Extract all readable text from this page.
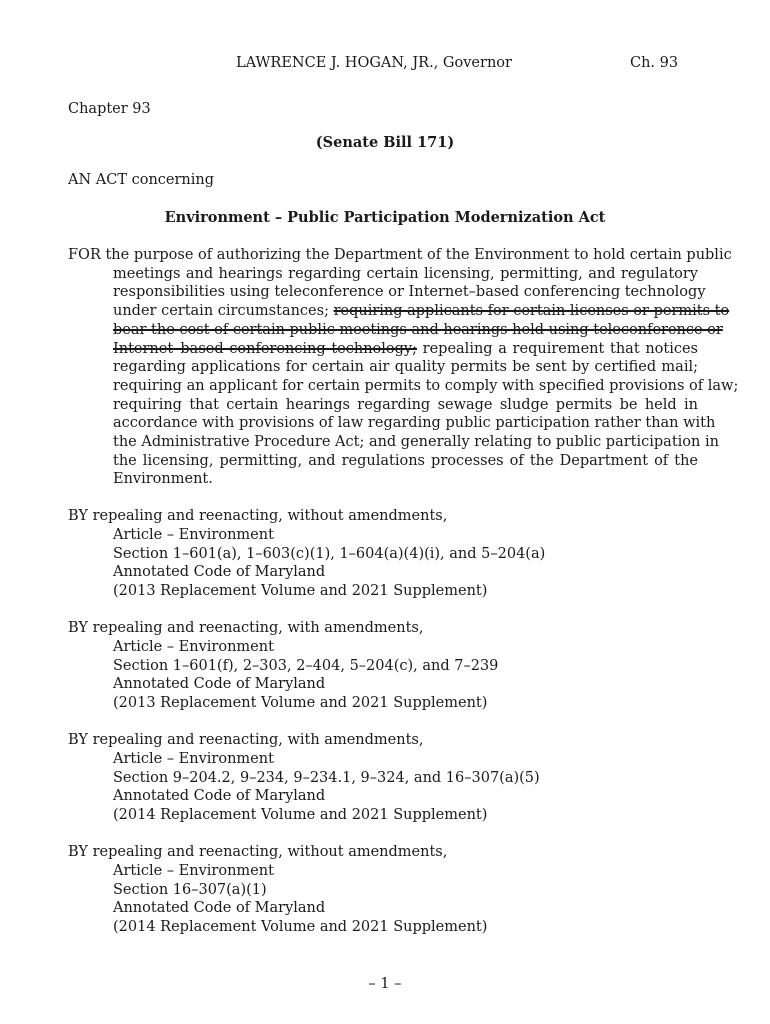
LAWRENCE J. HOGAN, JR., Governor	Ch. 93
Chapter 93
(Senate Bill 171)
AN ACT concerning
Environment – Public Participation Modernization Act
FOR the purpose of authorizing the Department of the Environment to hold certain public
meetings and hearings regarding certain licensing, permitting, and regulatory
responsibilities using teleconference or Internet–based conferencing technology
under certain circumstances; requiring applicants for certain licenses or permits to
bear the cost of certain public meetings and hearings held using teleconference or
Internet–based conferencing technology; repealing a requirement that notices
regarding applications for certain air quality permits be sent by certified mail;
requiring an applicant for certain permits to comply with specified provisions of law;
requiring that certain hearings regarding sewage sludge permits be held in
accordance with provisions of law regarding public participation rather than with
the Administrative Procedure Act; and generally relating to public participation in
the licensing, permitting, and regulations processes of the Department of the
Environment.
BY repealing and reenacting, without amendments,
Article – Environment
Section 1–601(a), 1–603(c)(1), 1–604(a)(4)(i), and 5–204(a)
Annotated Code of Maryland
(2013 Replacement Volume and 2021 Supplement)
BY repealing and reenacting, with amendments,
Article – Environment
Section 1–601(f), 2–303, 2–404, 5–204(c), and 7–239
Annotated Code of Maryland
(2013 Replacement Volume and 2021 Supplement)
BY repealing and reenacting, with amendments,
Article – Environment
Section 9–204.2, 9–234, 9–234.1, 9–324, and 16–307(a)(5)
Annotated Code of Maryland
(2014 Replacement Volume and 2021 Supplement)
BY repealing and reenacting, without amendments,
Article – Environment
Section 16–307(a)(1)
Annotated Code of Maryland
(2014 Replacement Volume and 2021 Supplement)
– 1 –
